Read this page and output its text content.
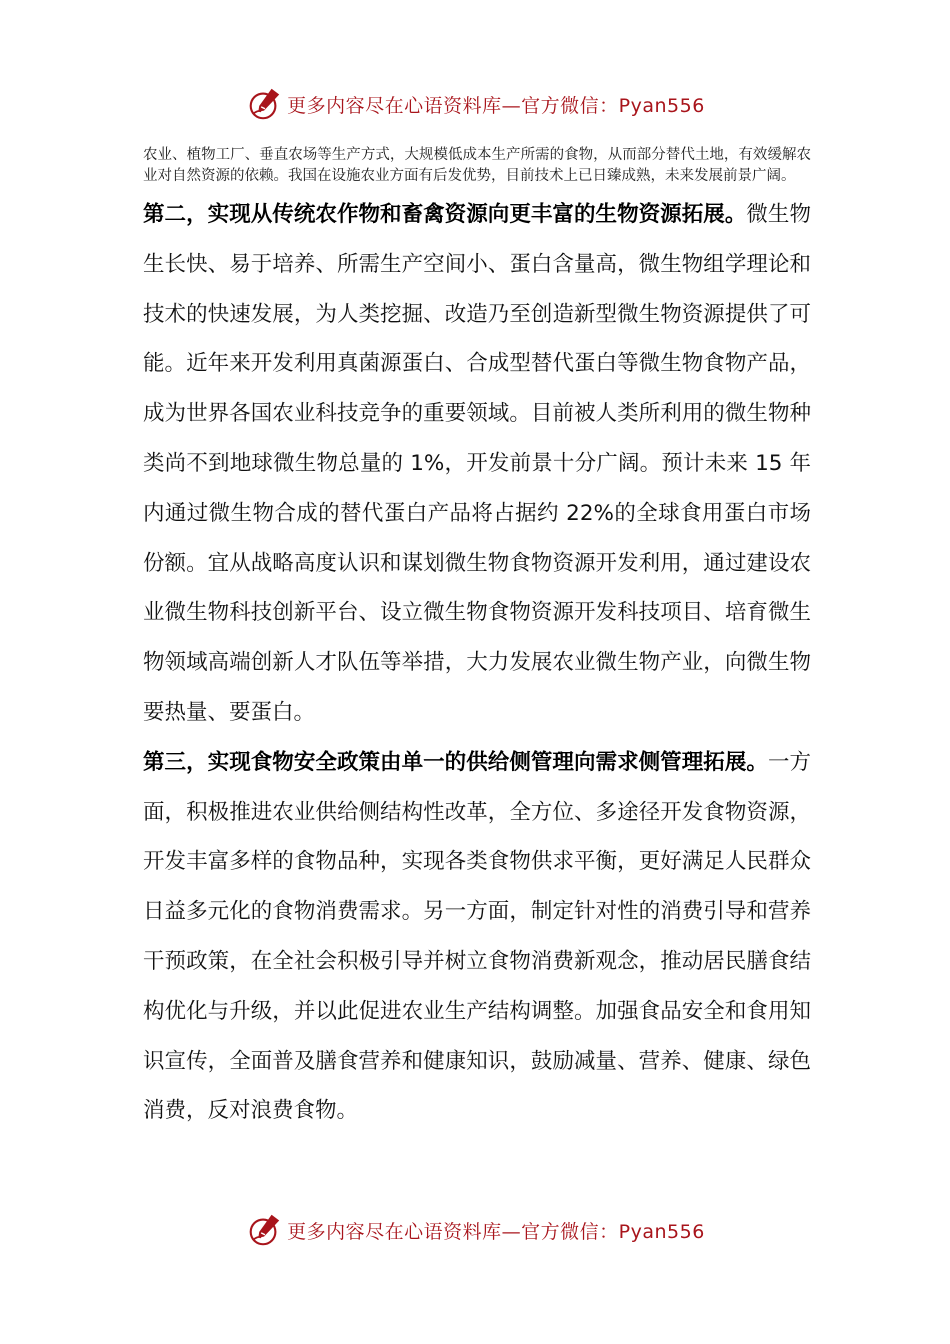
更多内容尽在心语资料库—官方微信：Pyan556

农业、植物工厂、垂直农场等生产方式，大规模低成本生产所需的食物，从而部分替代土地，有效缓解农业对自然资源的依赖。我国在设施农业方面有后发优势，目前技术上已日臻成熟，未来发展前景广阔。

第二，实现从传统农作物和畜禽资源向更丰富的生物资源拓展。微生物生长快、易于培养、所需生产空间小、蛋白含量高，微生物组学理论和技术的快速发展，为人类挖掘、改造乃至创造新型微生物资源提供了可能。近年来开发利用真菌源蛋白、合成型替代蛋白等微生物食物产品，成为世界各国农业科技竞争的重要领域。目前被人类所利用的微生物种类尚不到地球微生物总量的 1%，开发前景十分广阔。预计未来 15 年内通过微生物合成的替代蛋白产品将占据约 22%的全球食用蛋白市场份额。宜从战略高度认识和谋划微生物食物资源开发利用，通过建设农业微生物科技创新平台、设立微生物食物资源开发科技项目、培育微生物领域高端创新人才队伍等举措，大力发展农业微生物产业，向微生物要热量、要蛋白。

第三，实现食物安全政策由单一的供给侧管理向需求侧管理拓展。一方面，积极推进农业供给侧结构性改革，全方位、多途径开发食物资源，开发丰富多样的食物品种，实现各类食物供求平衡，更好满足人民群众日益多元化的食物消费需求。另一方面，制定针对性的消费引导和营养干预政策，在全社会积极引导并树立食物消费新观念，推动居民膳食结构优化与升级，并以此促进农业生产结构调整。加强食品安全和食用知识宣传，全面普及膳食营养和健康知识，鼓励减量、营养、健康、绿色消费，反对浪费食物。

更多内容尽在心语资料库—官方微信：Pyan556
